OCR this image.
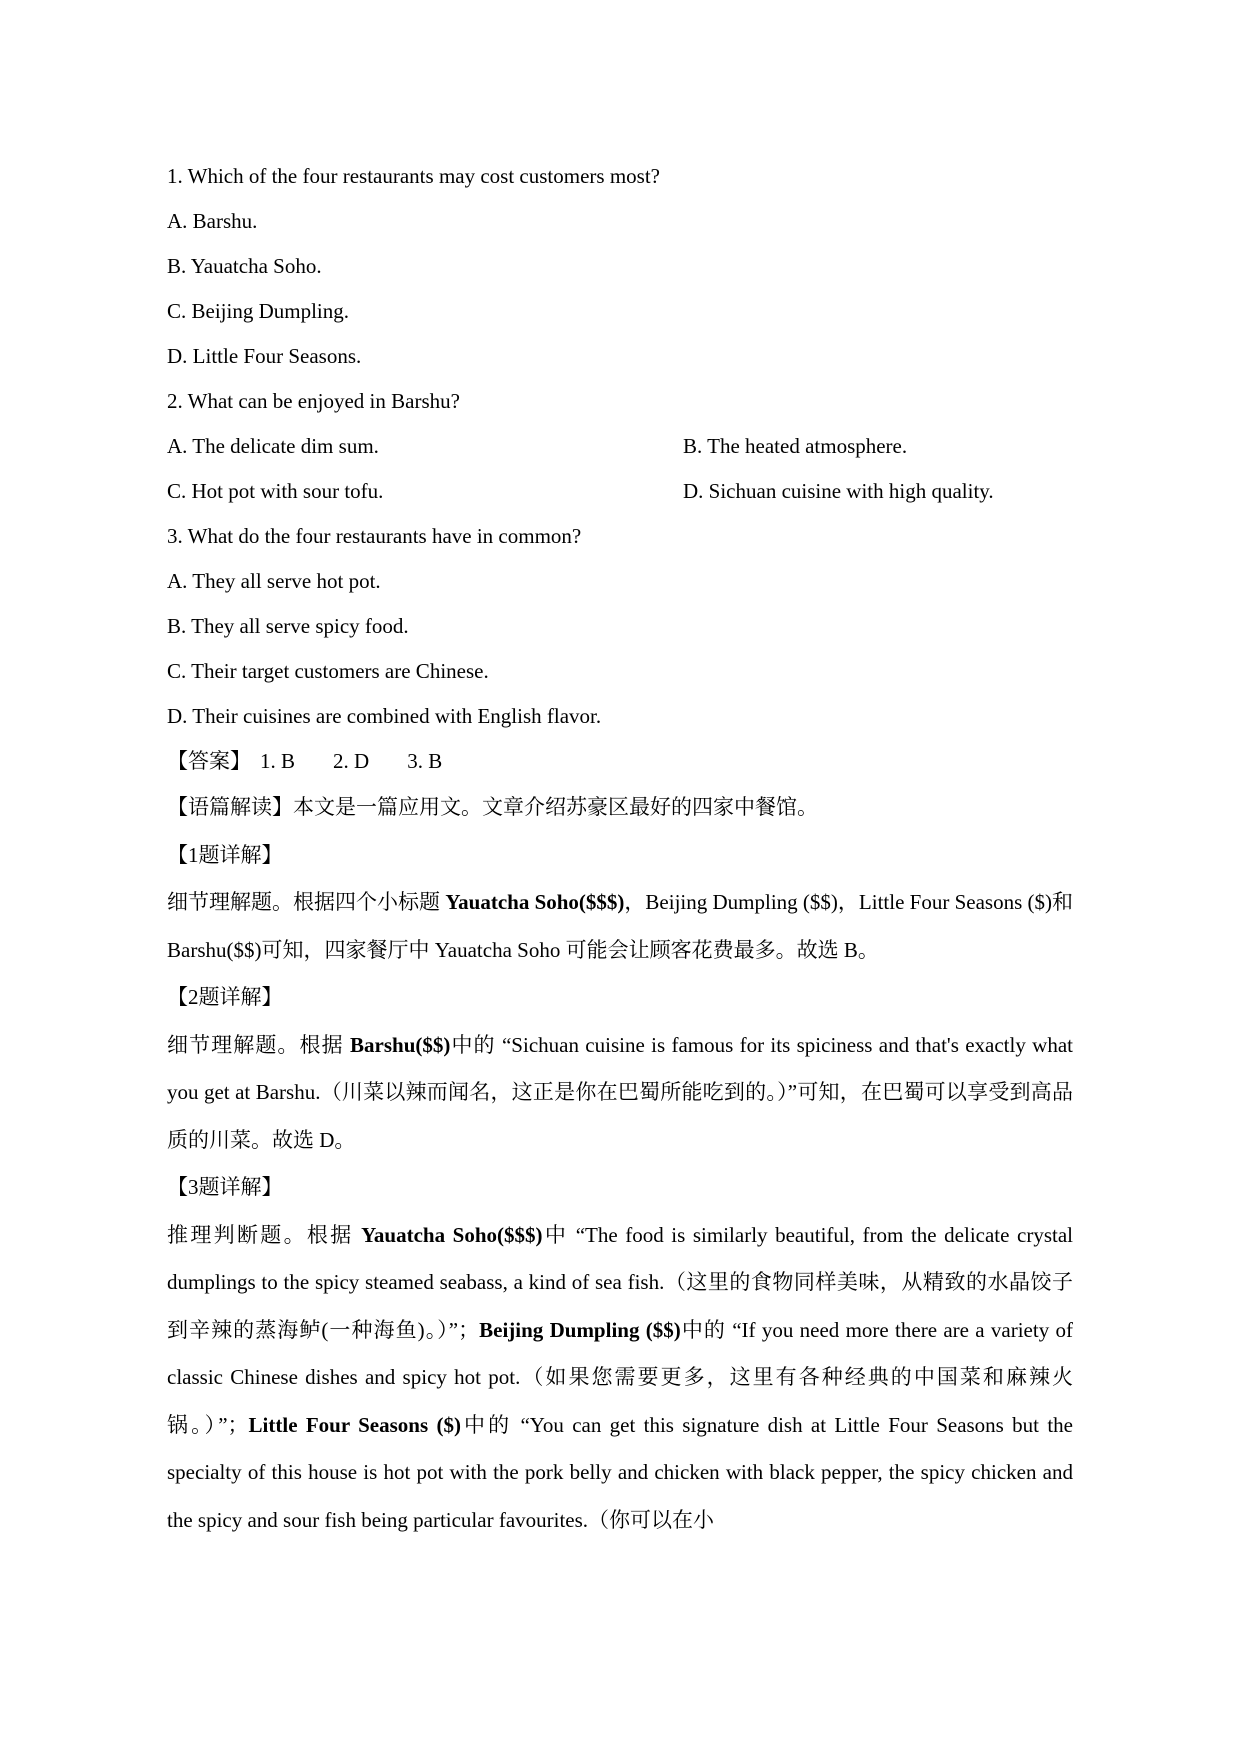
1. Which of the four restaurants may cost customers most?

A. Barshu.

B. Yauatcha Soho.

C. Beijing Dumpling.

D. Little Four Seasons.

2. What can be enjoyed in Barshu?

A. The delicate dim sum.	B. The heated atmosphere.
C. Hot pot with sour tofu.	D. Sichuan cuisine with high quality.

3. What do the four restaurants have in common?

A. They all serve hot pot.

B. They all serve spicy food.

C. Their target customers are Chinese.

D. Their cuisines are combined with English flavor.

【答案】 1. B 2. D 3. B

【语篇解读】本文是一篇应用文。文章介绍苏豪区最好的四家中餐馆。

【1题详解】

细节理解题。根据四个小标题 Yauatcha Soho($$$)，Beijing Dumpling ($$)，Little Four Seasons ($)和 Barshu($$)可知，四家餐厅中 Yauatcha Soho 可能会让顾客花费最多。故选 B。

【2题详解】

细节理解题。根据 Barshu($$)中的 “Sichuan cuisine is famous for its spiciness and that's exactly what you get at Barshu.（川菜以辣而闻名，这正是你在巴蜀所能吃到的。）”可知，在巴蜀可以享受到高品质的川菜。故选 D。

【3题详解】

推理判断题。根据 Yauatcha Soho($$$)中 “The food is similarly beautiful, from the delicate crystal dumplings to the spicy steamed seabass, a kind of sea fish.（这里的食物同样美味，从精致的水晶饺子到辛辣的蒸海鲈(一种海鱼)。）”；Beijing Dumpling ($$)中的 “If you need more there are a variety of classic Chinese dishes and spicy hot pot.（如果您需要更多，这里有各种经典的中国菜和麻辣火锅。）”；Little Four Seasons ($)中的 “You can get this signature dish at Little Four Seasons but the specialty of this house is hot pot with the pork belly and chicken with black pepper, the spicy chicken and the spicy and sour fish being particular favourites.（你可以在小
